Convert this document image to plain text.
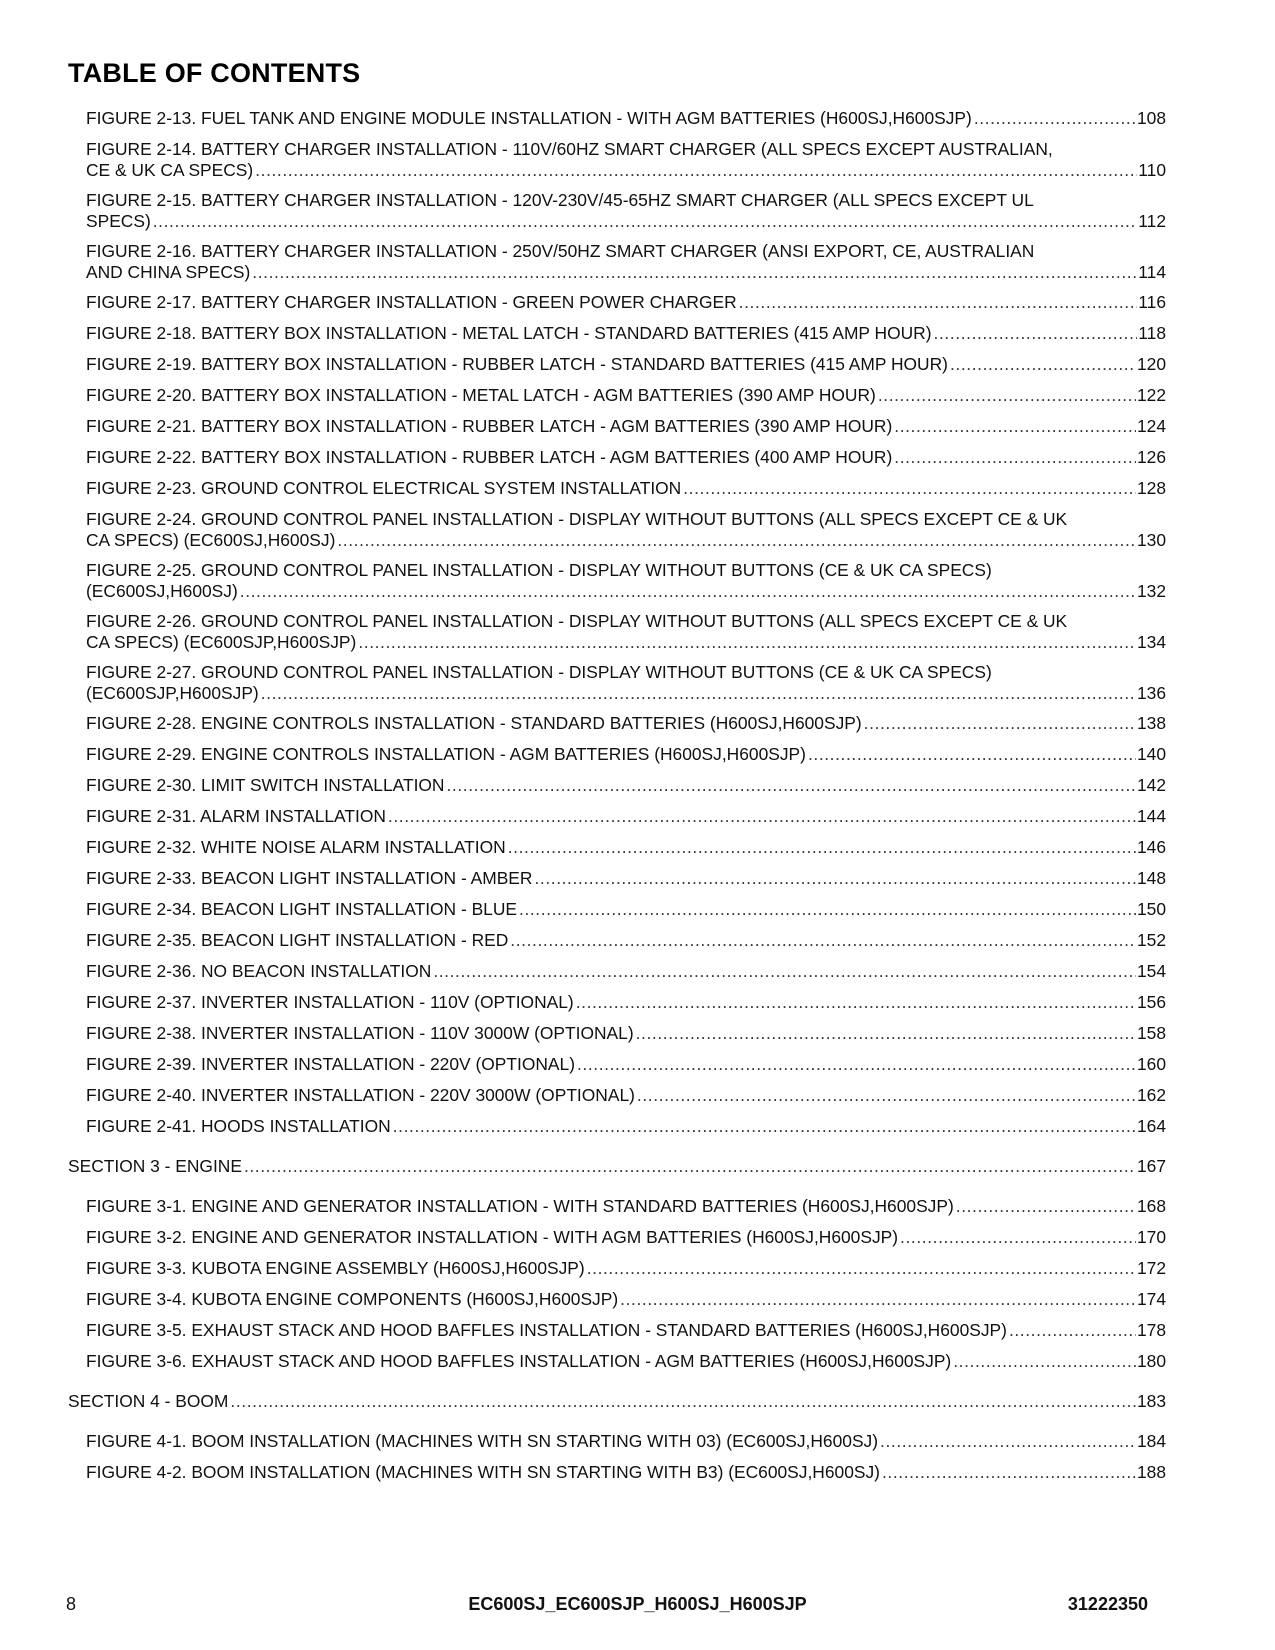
TABLE OF CONTENTS
FIGURE 2-13. FUEL TANK AND ENGINE MODULE INSTALLATION - WITH AGM BATTERIES (H600SJ,H600SJP) .....	108
FIGURE 2-14. BATTERY CHARGER INSTALLATION - 110V/60HZ SMART CHARGER (ALL SPECS EXCEPT AUSTRALIAN,
CE & UK CA SPECS) .....	110
FIGURE 2-15. BATTERY CHARGER INSTALLATION - 120V-230V/45-65HZ SMART CHARGER (ALL SPECS EXCEPT UL
SPECS) .....	112
FIGURE 2-16. BATTERY CHARGER INSTALLATION - 250V/50HZ SMART CHARGER (ANSI EXPORT, CE, AUSTRALIAN
AND CHINA SPECS) .....	114
FIGURE 2-17. BATTERY CHARGER INSTALLATION - GREEN POWER CHARGER .....	116
FIGURE 2-18. BATTERY BOX INSTALLATION - METAL LATCH - STANDARD BATTERIES (415 AMP HOUR) .....	118
FIGURE 2-19. BATTERY BOX INSTALLATION - RUBBER LATCH - STANDARD BATTERIES (415 AMP HOUR) .....	120
FIGURE 2-20. BATTERY BOX INSTALLATION - METAL LATCH - AGM BATTERIES (390 AMP HOUR) .....	122
FIGURE 2-21. BATTERY BOX INSTALLATION - RUBBER LATCH - AGM BATTERIES (390 AMP HOUR) .....	124
FIGURE 2-22. BATTERY BOX INSTALLATION - RUBBER LATCH - AGM BATTERIES (400 AMP HOUR) .....	126
FIGURE 2-23. GROUND CONTROL ELECTRICAL SYSTEM INSTALLATION .....	128
FIGURE 2-24. GROUND CONTROL PANEL INSTALLATION - DISPLAY WITHOUT BUTTONS (ALL SPECS EXCEPT CE & UK
CA SPECS) (EC600SJ,H600SJ) .....	130
FIGURE 2-25. GROUND CONTROL PANEL INSTALLATION - DISPLAY WITHOUT BUTTONS (CE & UK CA SPECS)
(EC600SJ,H600SJ) .....	132
FIGURE 2-26. GROUND CONTROL PANEL INSTALLATION - DISPLAY WITHOUT BUTTONS (ALL SPECS EXCEPT CE & UK
CA SPECS) (EC600SJP,H600SJP) .....	134
FIGURE 2-27. GROUND CONTROL PANEL INSTALLATION - DISPLAY WITHOUT BUTTONS (CE & UK CA SPECS)
(EC600SJP,H600SJP) .....	136
FIGURE 2-28. ENGINE CONTROLS INSTALLATION - STANDARD BATTERIES (H600SJ,H600SJP) .....	138
FIGURE 2-29. ENGINE CONTROLS INSTALLATION - AGM BATTERIES (H600SJ,H600SJP) .....	140
FIGURE 2-30. LIMIT SWITCH INSTALLATION .....	142
FIGURE 2-31. ALARM INSTALLATION .....	144
FIGURE 2-32. WHITE NOISE ALARM INSTALLATION .....	146
FIGURE 2-33. BEACON LIGHT INSTALLATION - AMBER .....	148
FIGURE 2-34. BEACON LIGHT INSTALLATION - BLUE .....	150
FIGURE 2-35. BEACON LIGHT INSTALLATION - RED .....	152
FIGURE 2-36. NO BEACON INSTALLATION .....	154
FIGURE 2-37. INVERTER INSTALLATION - 110V (OPTIONAL) .....	156
FIGURE 2-38. INVERTER INSTALLATION - 110V 3000W (OPTIONAL) .....	158
FIGURE 2-39. INVERTER INSTALLATION - 220V (OPTIONAL) .....	160
FIGURE 2-40. INVERTER INSTALLATION - 220V 3000W (OPTIONAL) .....	162
FIGURE 2-41. HOODS INSTALLATION .....	164
SECTION 3 - ENGINE .....	167
FIGURE 3-1. ENGINE AND GENERATOR INSTALLATION - WITH STANDARD BATTERIES (H600SJ,H600SJP) .....	168
FIGURE 3-2. ENGINE AND GENERATOR INSTALLATION - WITH AGM BATTERIES (H600SJ,H600SJP) .....	170
FIGURE 3-3. KUBOTA ENGINE ASSEMBLY (H600SJ,H600SJP) .....	172
FIGURE 3-4. KUBOTA ENGINE COMPONENTS (H600SJ,H600SJP) .....	174
FIGURE 3-5. EXHAUST STACK AND HOOD BAFFLES INSTALLATION - STANDARD BATTERIES (H600SJ,H600SJP) .....	178
FIGURE 3-6. EXHAUST STACK AND HOOD BAFFLES INSTALLATION - AGM BATTERIES (H600SJ,H600SJP) .....	180
SECTION 4 - BOOM .....	183
FIGURE 4-1. BOOM INSTALLATION (MACHINES WITH SN STARTING WITH 03) (EC600SJ,H600SJ) .....	184
FIGURE 4-2. BOOM INSTALLATION (MACHINES WITH SN STARTING WITH B3) (EC600SJ,H600SJ) .....	188
8	EC600SJ_EC600SJP_H600SJ_H600SJP	31222350
